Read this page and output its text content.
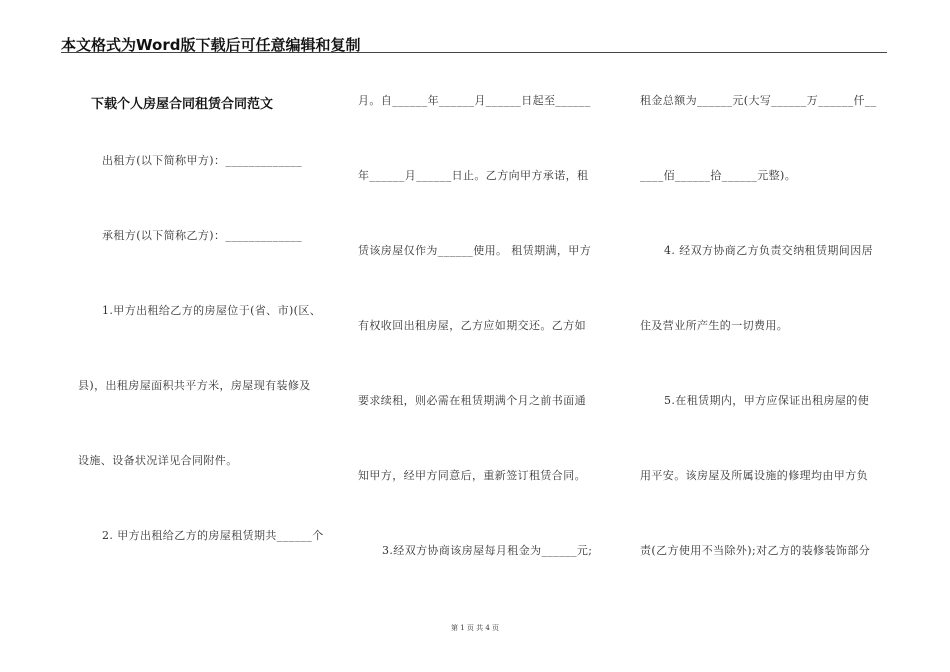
本文格式为Word版下载后可任意编辑和复制
下载个人房屋合同租赁合同范文
出租方(以下简称甲方)：_____________
承租方(以下简称乙方)：_____________
1.甲方出租给乙方的房屋位于(省、市)(区、
县)，出租房屋面积共平方米，房屋现有装修及
设施、设备状况详见合同附件。
2. 甲方出租给乙方的房屋租赁期共______个
月。自______年______月______日起至______
年______月______日止。乙方向甲方承诺，租
赁该房屋仅作为______使用。 租赁期满，甲方
有权收回出租房屋，乙方应如期交还。乙方如
要求续租，则必需在租赁期满个月之前书面通
知甲方，经甲方同意后，重新签订租赁合同。
3.经双方协商该房屋每月租金为______元;
租金总额为______元(大写______万______仟__
____佰______拾______元整)。
4. 经双方协商乙方负责交纳租赁期间因居
住及营业所产生的一切费用。
5.在租赁期内，甲方应保证出租房屋的使
用平安。该房屋及所属设施的修理均由甲方负
责(乙方使用不当除外);对乙方的装修装饰部分
第 1 页 共 4 页
